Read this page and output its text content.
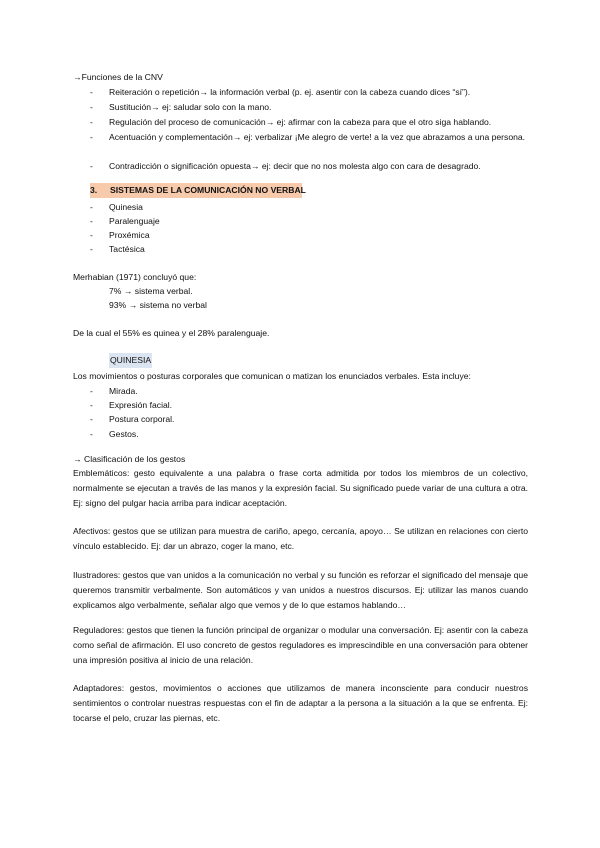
→Funciones de la CNV
- Reiteración o repetición→ la información verbal (p. ej. asentir con la cabeza cuando dices “sí”).
- Sustitución→ ej: saludar solo con la mano.
- Regulación del proceso de comunicación→ ej: afirmar con la cabeza para que el otro siga hablando.
- Acentuación y complementación→ ej: verbalizar ¡Me alegro de verte! a la vez que abrazamos a una persona.
- Contradicción o significación opuesta→ ej: decir que no nos molesta algo con cara de desagrado.
3. SISTEMAS DE LA COMUNICACIÓN NO VERBAL
- Quinesia
- Paralenguaje
- Proxémica
- Tactésica
Merhabian (1971) concluyó que:
7% → sistema verbal.
93% → sistema no verbal
De la cual el 55% es quinea y el 28% paralenguaje.
QUINESIA
Los movimientos o posturas corporales que comunican o matizan los enunciados verbales. Esta incluye:
- Mirada.
- Expresión facial.
- Postura corporal.
- Gestos.
→ Clasificación de los gestos
Emblemáticos: gesto equivalente a una palabra o frase corta admitida por todos los miembros de un colectivo, normalmente se ejecutan a través de las manos y la expresión facial. Su significado puede variar de una cultura a otra. Ej: signo del pulgar hacia arriba para indicar aceptación.
Afectivos: gestos que se utilizan para muestra de cariño, apego, cercanía, apoyo… Se utilizan en relaciones con cierto vínculo establecido. Ej: dar un abrazo, coger la mano, etc.
Ilustradores: gestos que van unidos a la comunicación no verbal y su función es reforzar el significado del mensaje que queremos transmitir verbalmente. Son automáticos y van unidos a nuestros discursos. Ej: utilizar las manos cuando explicamos algo verbalmente, señalar algo que vemos y de lo que estamos hablando…
Reguladores: gestos que tienen la función principal de organizar o modular una conversación. Ej: asentir con la cabeza como señal de afirmación. El uso concreto de gestos reguladores es imprescindible en una conversación para obtener una impresión positiva al inicio de una relación.
Adaptadores: gestos, movimientos o acciones que utilizamos de manera inconsciente para conducir nuestros sentimientos o controlar nuestras respuestas con el fin de adaptar a la persona a la situación a la que se enfrenta. Ej: tocarse el pelo, cruzar las piernas, etc.
